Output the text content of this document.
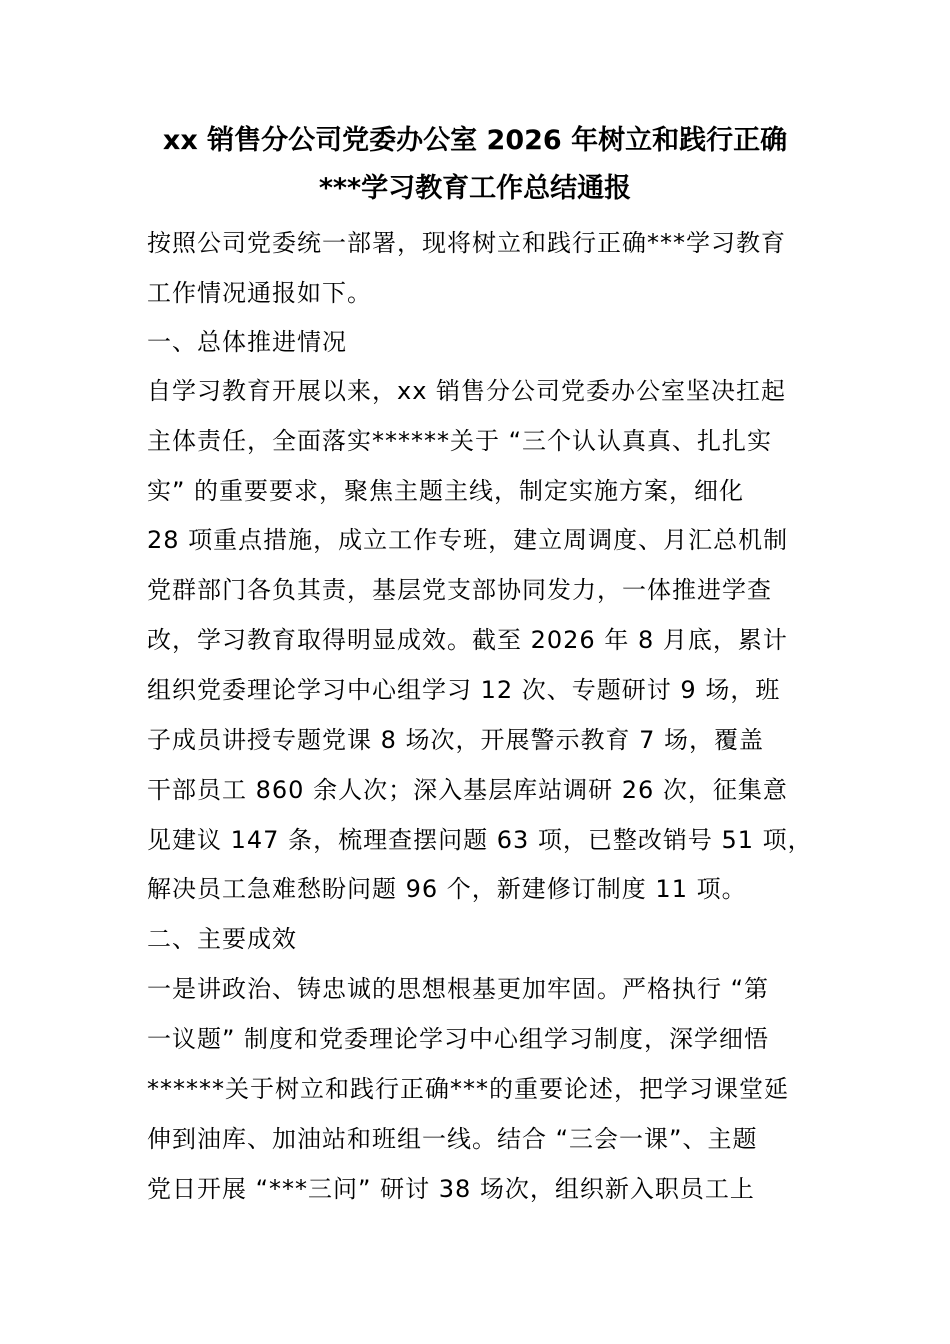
xx 销售分公司党委办公室 2026 年树立和践行正确
***学习教育工作总结通报
按照公司党委统一部署，现将树立和践行正确***学习教育
工作情况通报如下。
一、总体推进情况
自学习教育开展以来，xx 销售分公司党委办公室坚决扛起
主体责任，全面落实******关于 “三个认认真真、扎扎实
实” 的重要要求，聚焦主题主线，制定实施方案，细化
28 项重点措施，成立工作专班，建立周调度、月汇总机制
党群部门各负其责，基层党支部协同发力，一体推进学查
改，学习教育取得明显成效。截至 2026 年 8 月底，累计
组织党委理论学习中心组学习 12 次、专题研讨 9 场，班
子成员讲授专题党课 8 场次，开展警示教育 7 场，覆盖
干部员工 860 余人次；深入基层库站调研 26 次，征集意
见建议 147 条，梳理查摆问题 63 项，已整改销号 51 项，
解决员工急难愁盼问题 96 个，新建修订制度 11 项。
二、主要成效
一是讲政治、铸忠诚的思想根基更加牢固。严格执行 “第
一议题” 制度和党委理论学习中心组学习制度，深学细悟
******关于树立和践行正确***的重要论述，把学习课堂延
伸到油库、加油站和班组一线。结合 “三会一课”、主题
党日开展 “***三问” 研讨 38 场次，组织新入职员工上
